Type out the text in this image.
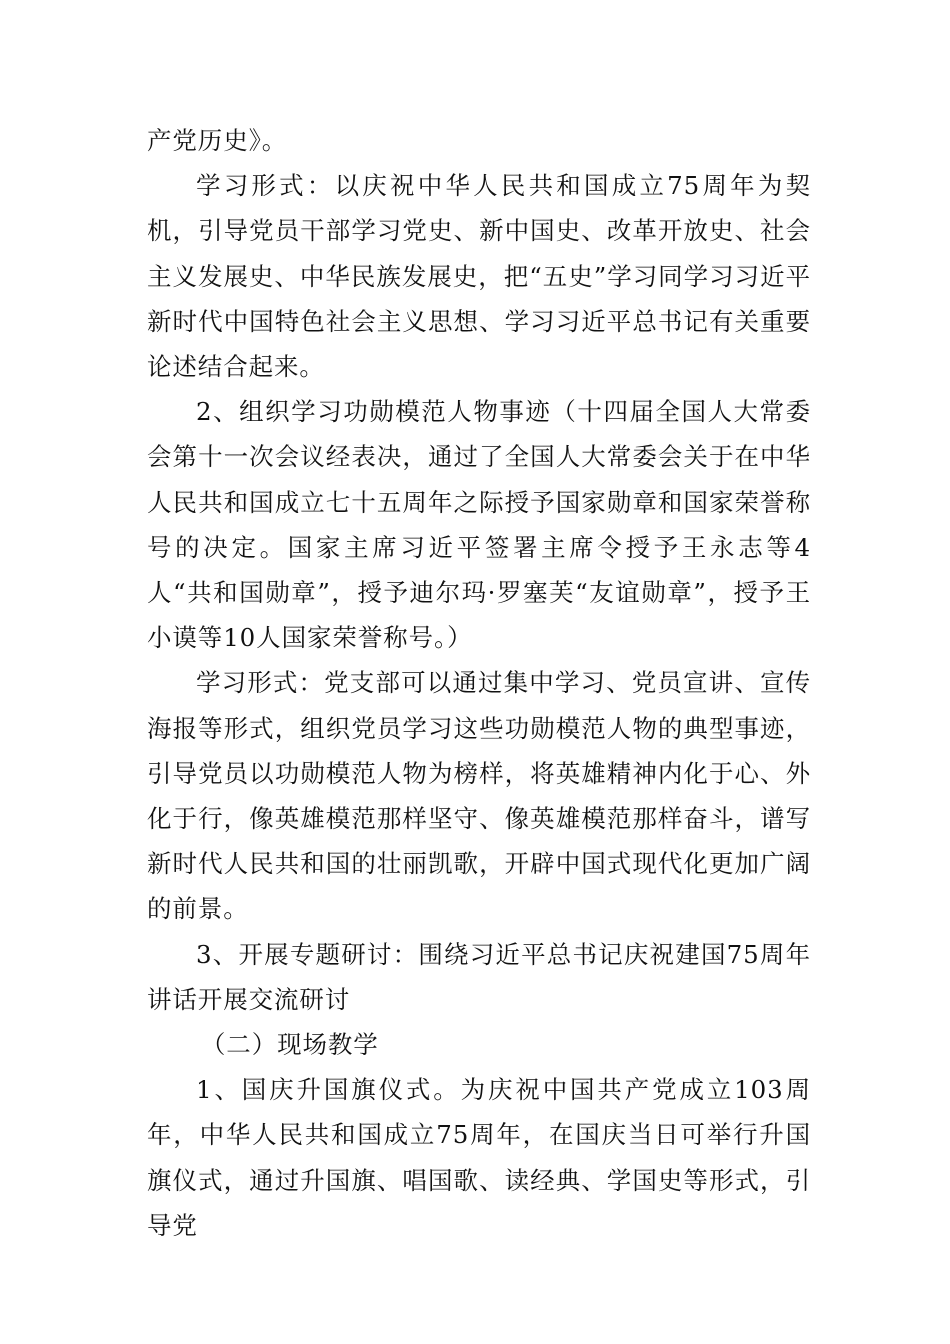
产党历史》。

学习形式：以庆祝中华人民共和国成立75周年为契机，引导党员干部学习党史、新中国史、改革开放史、社会主义发展史、中华民族发展史，把“五史”学习同学习习近平新时代中国特色社会主义思想、学习习近平总书记有关重要论述结合起来。

2、组织学习功勋模范人物事迹（十四届全国人大常委会第十一次会议经表决，通过了全国人大常委会关于在中华人民共和国成立七十五周年之际授予国家勋章和国家荣誉称号的决定。国家主席习近平签署主席令授予王永志等4人“共和国勋章”，授予迪尔玛·罗塞芙“友谊勋章”，授予王小谟等10人国家荣誉称号。）

学习形式：党支部可以通过集中学习、党员宣讲、宣传海报等形式，组织党员学习这些功勋模范人物的典型事迹，引导党员以功勋模范人物为榜样，将英雄精神内化于心、外化于行，像英雄模范那样坚守、像英雄模范那样奋斗，谱写新时代人民共和国的壮丽凯歌，开辟中国式现代化更加广阔的前景。

3、开展专题研讨：围绕习近平总书记庆祝建国75周年讲话开展交流研讨

（二）现场教学

1、国庆升国旗仪式。为庆祝中国共产党成立103周年，中华人民共和国成立75周年，在国庆当日可举行升国旗仪式，通过升国旗、唱国歌、读经典、学国史等形式，引导党
